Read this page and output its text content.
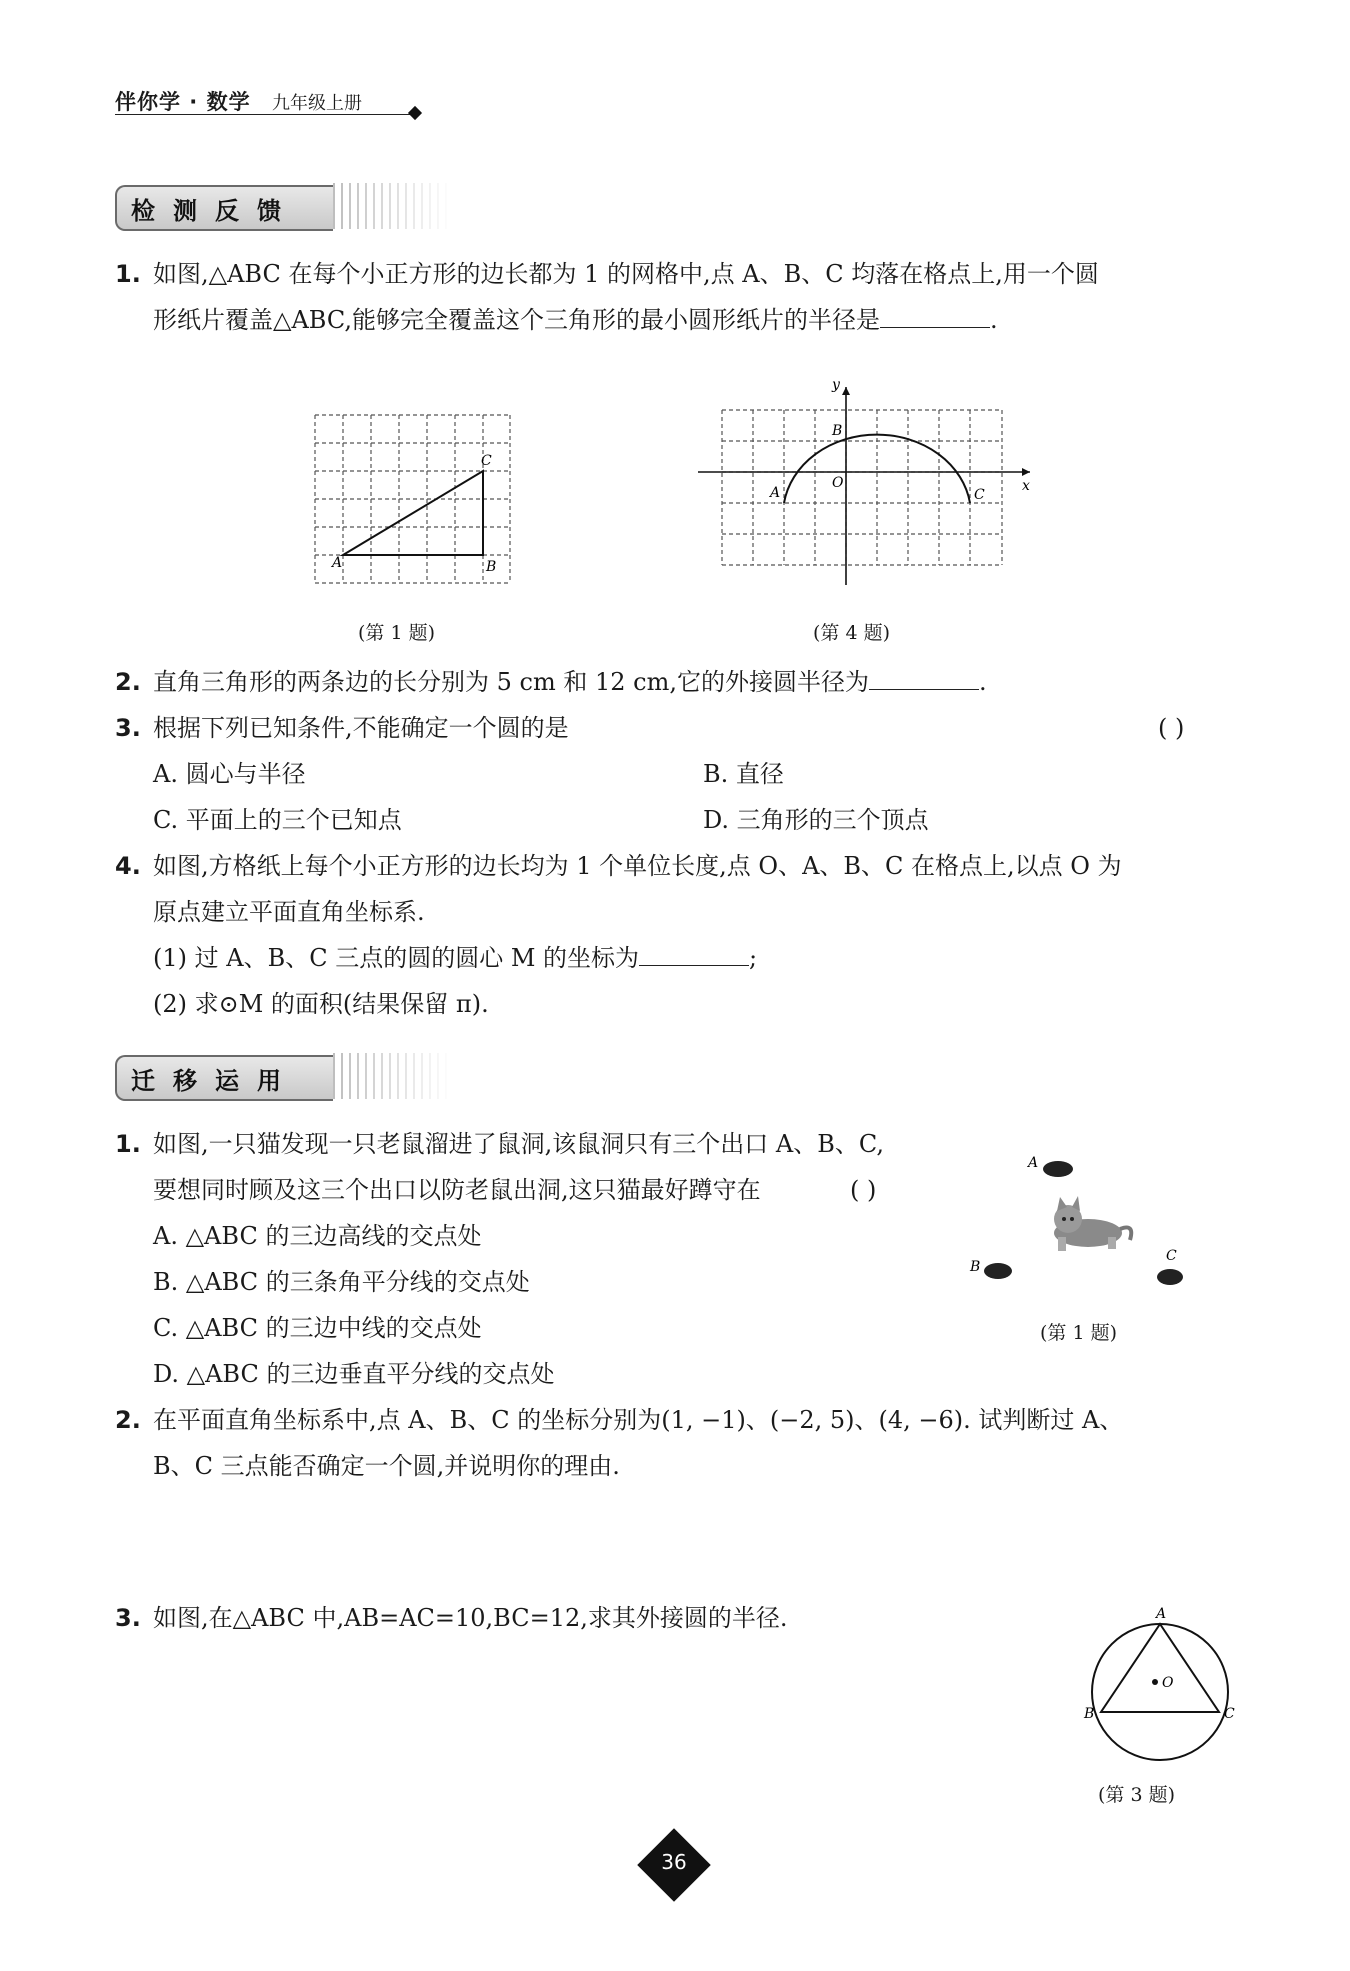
伴你学 · 数学 九年级上册
检测反馈
1. 如图,△ABC 在每个小正方形的边长都为 1 的网格中,点 A、B、C 均落在格点上,用一个圆
形纸片覆盖△ABC,能够完全覆盖这个三角形的最小圆形纸片的半径是	.
A	B
C
(第 1 题)
A
B
C
O	x
y
(第 4 题)
2. 直角三角形的两条边的长分别为 5 cm 和 12 cm,它的外接圆半径为	.
3. 根据下列已知条件,不能确定一个圆的是	( )
A. 圆心与半径	B. 直径
C. 平面上的三个已知点	D. 三角形的三个顶点
4. 如图,方格纸上每个小正方形的边长均为 1 个单位长度,点 O、A、B、C 在格点上,以点 O 为
原点建立平面直角坐标系.
(1) 过 A、B、C 三点的圆的圆心 M 的坐标为	;
(2) 求⊙M 的面积(结果保留 π).
迁移运用
1. 如图,一只猫发现一只老鼠溜进了鼠洞,该鼠洞只有三个出口 A、B、C,
要想同时顾及这三个出口以防老鼠出洞,这只猫最好蹲守在	( )
A. △ABC 的三边高线的交点处
B. △ABC 的三条角平分线的交点处
C. △ABC 的三边中线的交点处
D. △ABC 的三边垂直平分线的交点处
A
B
C
(第 1 题)
2. 在平面直角坐标系中,点 A、B、C 的坐标分别为(1, −1)、(−2, 5)、(4, −6). 试判断过 A、
B、C 三点能否确定一个圆,并说明你的理由.
3. 如图,在△ABC 中,AB=AC=10,BC=12,求其外接圆的半径.	A
B	C
O
(第 3 题)
36
